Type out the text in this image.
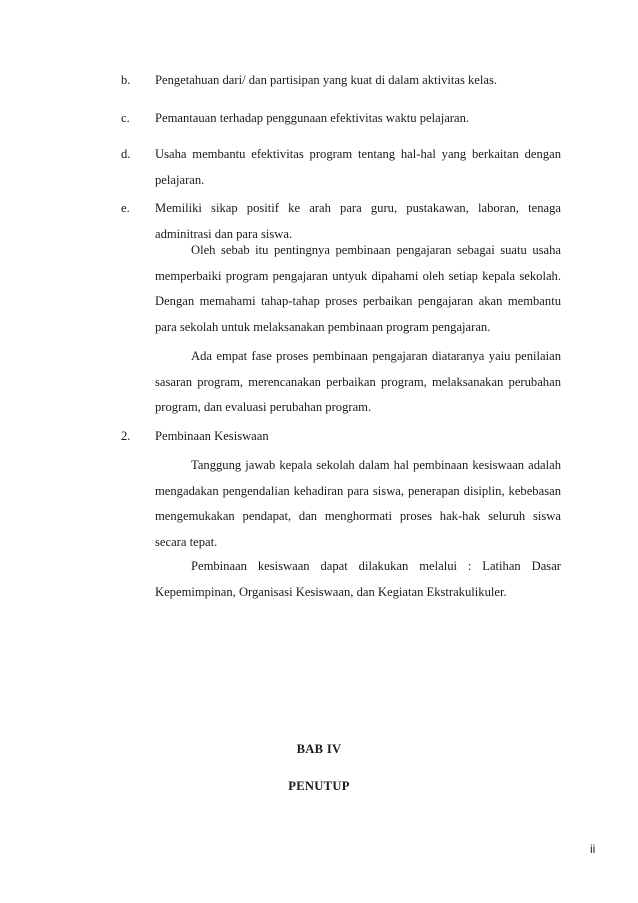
b. Pengetahuan dari/ dan partisipan yang kuat di dalam aktivitas kelas.
c. Pemantauan terhadap penggunaan efektivitas waktu pelajaran.
d. Usaha membantu efektivitas program tentang hal-hal yang berkaitan dengan pelajaran.
e. Memiliki sikap positif ke arah para guru, pustakawan, laboran, tenaga adminitrasi dan para siswa.

Oleh sebab itu pentingnya pembinaan pengajaran sebagai suatu usaha memperbaiki program pengajaran untyuk dipahami oleh setiap kepala sekolah. Dengan memahami tahap-tahap proses perbaikan pengajaran akan membantu para sekolah untuk melaksanakan pembinaan program pengajaran.

Ada empat fase proses pembinaan pengajaran diataranya yaiu penilaian sasaran program, merencanakan perbaikan program, melaksanakan perubahan program, dan evaluasi perubahan program.

2. Pembinaan Kesiswaan

Tanggung jawab kepala sekolah dalam hal pembinaan kesiswaan adalah mengadakan pengendalian kehadiran para siswa, penerapan disiplin, kebebasan mengemukakan pendapat, dan menghormati proses hak-hak seluruh siswa secara tepat.

Pembinaan kesiswaan dapat dilakukan melalui : Latihan Dasar Kepemimpinan, Organisasi Kesiswaan, dan Kegiatan Ekstrakulikuler.

BAB IV
PENUTUP
ii
